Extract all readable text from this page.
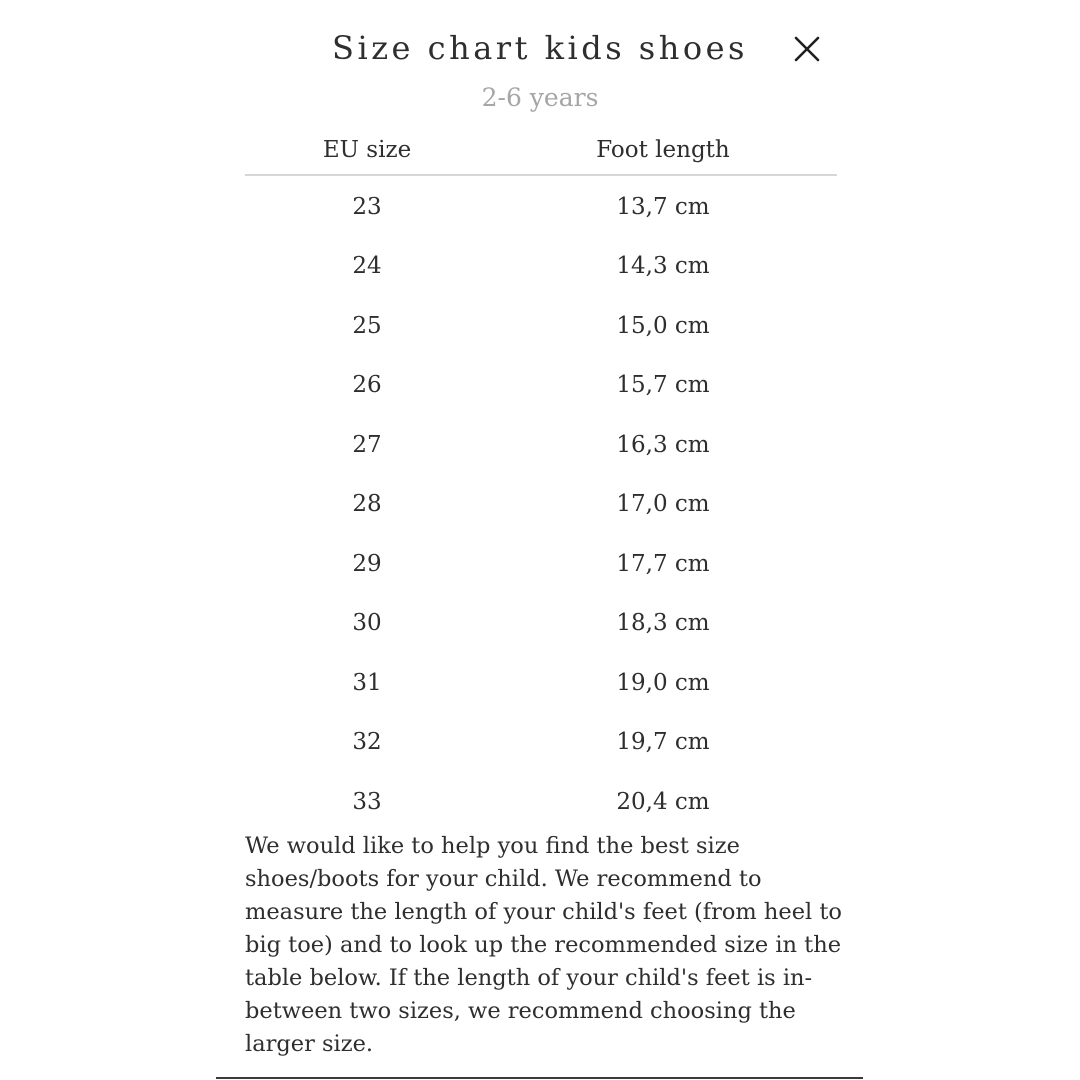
Size chart kids shoes
2-6 years
EU size	Foot length
23	13,7 cm
24	14,3 cm
25	15,0 cm
26	15,7 cm
27	16,3 cm
28	17,0 cm
29	17,7 cm
30	18,3 cm
31	19,0 cm
32	19,7 cm
33	20,4 cm

We would like to help you find the best size shoes/boots for your child. We recommend to measure the length of your child's feet (from heel to big toe) and to look up the recommended size in the table below. If the length of your child's feet is in-between two sizes, we recommend choosing the larger size.
